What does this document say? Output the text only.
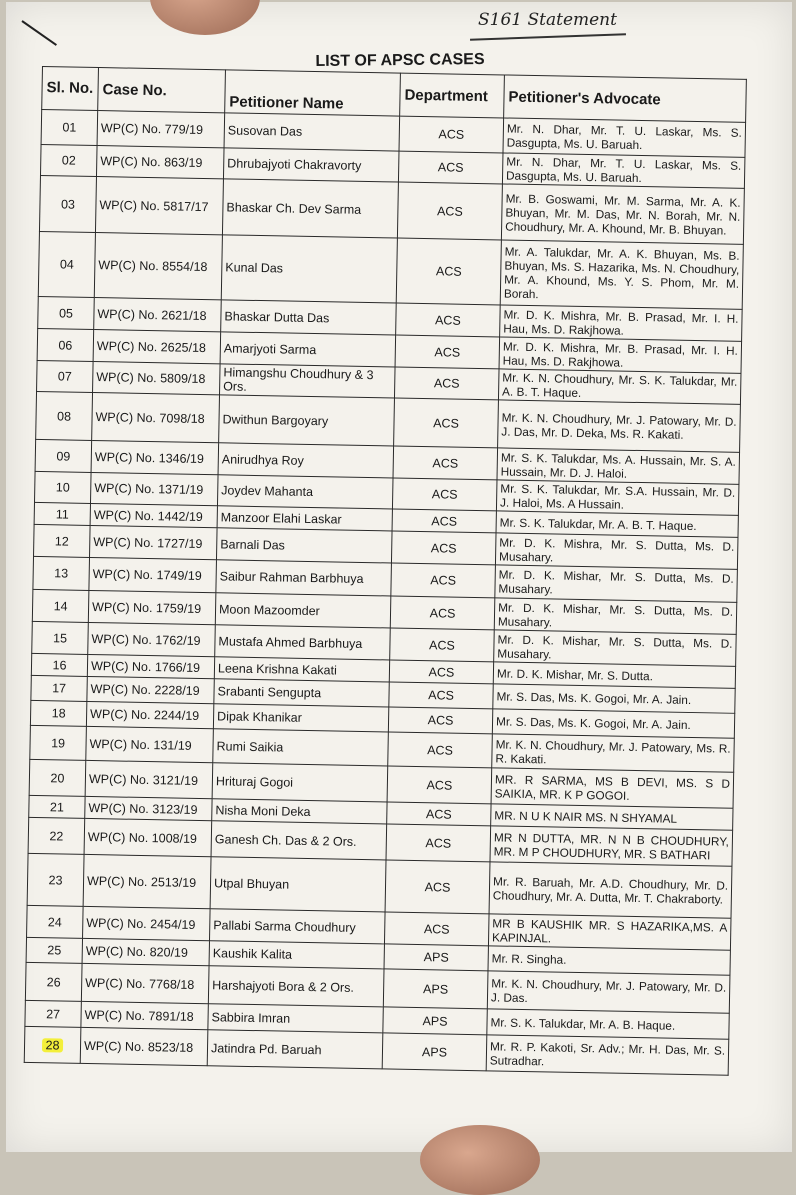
S161 Statement
LIST OF APSC CASES
Sl. No.	Case No.	Petitioner Name	Department	Petitioner's Advocate
01	WP(C) No. 779/19	Susovan Das	ACS	Mr. N. Dhar, Mr. T. U. Laskar, Ms. S. Dasgupta, Ms. U. Baruah.
02	WP(C) No. 863/19	Dhrubajyoti Chakravorty	ACS	Mr. N. Dhar, Mr. T. U. Laskar, Ms. S. Dasgupta, Ms. U. Baruah.
03	WP(C) No. 5817/17	Bhaskar Ch. Dev Sarma	ACS	Mr. B. Goswami, Mr. M. Sarma, Mr. A. K. Bhuyan, Mr. M. Das, Mr. N. Borah, Mr. N. Choudhury, Mr. A. Khound, Mr. B. Bhuyan.
04	WP(C) No. 8554/18	Kunal Das	ACS	Mr. A. Talukdar, Mr. A. K. Bhuyan, Ms. B. Bhuyan, Ms. S. Hazarika, Ms. N. Choudhury, Mr. A. Khound, Ms. Y. S. Phom, Mr. M. Borah.
05	WP(C) No. 2621/18	Bhaskar Dutta Das	ACS	Mr. D. K. Mishra, Mr. B. Prasad, Mr. I. H. Hau, Ms. D. Rakjhowa.
06	WP(C) No. 2625/18	Amarjyoti Sarma	ACS	Mr. D. K. Mishra, Mr. B. Prasad, Mr. I. H. Hau, Ms. D. Rakjhowa.
07	WP(C) No. 5809/18	Himangshu Choudhury & 3 Ors.	ACS	Mr. K. N. Choudhury, Mr. S. K. Talukdar, Mr. A. B. T. Haque.
08	WP(C) No. 7098/18	Dwithun Bargoyary	ACS	Mr. K. N. Choudhury, Mr. J. Patowary, Mr. D. J. Das, Mr. D. Deka, Ms. R. Kakati.
09	WP(C) No. 1346/19	Anirudhya Roy	ACS	Mr. S. K. Talukdar, Ms. A. Hussain, Mr. S. A. Hussain, Mr. D. J. Haloi.
10	WP(C) No. 1371/19	Joydev Mahanta	ACS	Mr. S. K. Talukdar, Mr. S.A. Hussain, Mr. D. J. Haloi, Ms. A Hussain.
11	WP(C) No. 1442/19	Manzoor Elahi Laskar	ACS	Mr. S. K. Talukdar, Mr. A. B. T. Haque.
12	WP(C) No. 1727/19	Barnali Das	ACS	Mr. D. K. Mishra, Mr. S. Dutta, Ms. D. Musahary.
13	WP(C) No. 1749/19	Saibur Rahman Barbhuya	ACS	Mr. D. K. Mishar, Mr. S. Dutta, Ms. D. Musahary.
14	WP(C) No. 1759/19	Moon Mazoomder	ACS	Mr. D. K. Mishar, Mr. S. Dutta, Ms. D. Musahary.
15	WP(C) No. 1762/19	Mustafa Ahmed Barbhuya	ACS	Mr. D. K. Mishar, Mr. S. Dutta, Ms. D. Musahary.
16	WP(C) No. 1766/19	Leena Krishna Kakati	ACS	Mr. D. K. Mishar, Mr. S. Dutta.
17	WP(C) No. 2228/19	Srabanti Sengupta	ACS	Mr. S. Das, Ms. K. Gogoi, Mr. A. Jain.
18	WP(C) No. 2244/19	Dipak Khanikar	ACS	Mr. S. Das, Ms. K. Gogoi, Mr. A. Jain.
19	WP(C) No. 131/19	Rumi Saikia	ACS	Mr. K. N. Choudhury, Mr. J. Patowary, Ms. R. R. Kakati.
20	WP(C) No. 3121/19	Hrituraj Gogoi	ACS	MR. R SARMA, MS B DEVI, MS. S D SAIKIA, MR. K P GOGOI.
21	WP(C) No. 3123/19	Nisha Moni Deka	ACS	MR. N U K NAIR MS. N SHYAMAL
22	WP(C) No. 1008/19	Ganesh Ch. Das & 2 Ors.	ACS	MR N DUTTA, MR. N N B CHOUDHURY, MR. M P CHOUDHURY, MR. S BATHARI
23	WP(C) No. 2513/19	Utpal Bhuyan	ACS	Mr. R. Baruah, Mr. A.D. Choudhury, Mr. D. Choudhury, Mr. A. Dutta, Mr. T. Chakraborty.
24	WP(C) No. 2454/19	Pallabi Sarma Choudhury	ACS	MR B KAUSHIK MR. S HAZARIKA,MS. A KAPINJAL.
25	WP(C) No. 820/19	Kaushik Kalita	APS	Mr. R. Singha.
26	WP(C) No. 7768/18	Harshajyoti Bora & 2 Ors.	APS	Mr. K. N. Choudhury, Mr. J. Patowary, Mr. D. J. Das.
27	WP(C) No. 7891/18	Sabbira Imran	APS	Mr. S. K. Talukdar, Mr. A. B. Haque.
28	WP(C) No. 8523/18	Jatindra Pd. Baruah	APS	Mr. R. P. Kakoti, Sr. Adv.; Mr. H. Das, Mr. S. Sutradhar.
